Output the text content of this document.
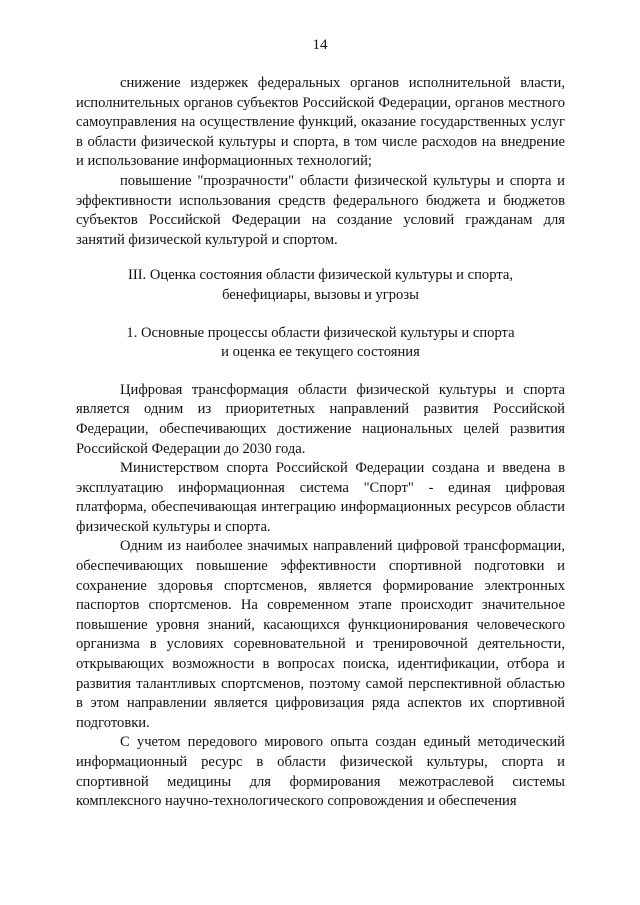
14

снижение издержек федеральных органов исполнительной власти, исполнительных органов субъектов Российской Федерации, органов местного самоуправления на осуществление функций, оказание государственных услуг в области физической культуры и спорта, в том числе расходов на внедрение и использование информационных технологий;

повышение "прозрачности" области физической культуры и спорта и эффективности использования средств федерального бюджета и бюджетов субъектов Российской Федерации на создание условий гражданам для занятий физической культурой и спортом.

III. Оценка состояния области физической культуры и спорта,
бенефициары, вызовы и угрозы
1. Основные процессы области физической культуры и спорта
и оценка ее текущего состояния

Цифровая трансформация области физической культуры и спорта является одним из приоритетных направлений развития Российской Федерации, обеспечивающих достижение национальных целей развития Российской Федерации до 2030 года.

Министерством спорта Российской Федерации создана и введена в эксплуатацию информационная система "Спорт" - единая цифровая платформа, обеспечивающая интеграцию информационных ресурсов области физической культуры и спорта.

Одним из наиболее значимых направлений цифровой трансформации, обеспечивающих повышение эффективности спортивной подготовки и сохранение здоровья спортсменов, является формирование электронных паспортов спортсменов. На современном этапе происходит значительное повышение уровня знаний, касающихся функционирования человеческого организма в условиях соревновательной и тренировочной деятельности, открывающих возможности в вопросах поиска, идентификации, отбора и развития талантливых спортсменов, поэтому самой перспективной областью в этом направлении является цифровизация ряда аспектов их спортивной подготовки.

С учетом передового мирового опыта создан единый методический информационный ресурс в области физической культуры, спорта и спортивной медицины для формирования межотраслевой системы комплексного научно-технологического сопровождения и обеспечения
